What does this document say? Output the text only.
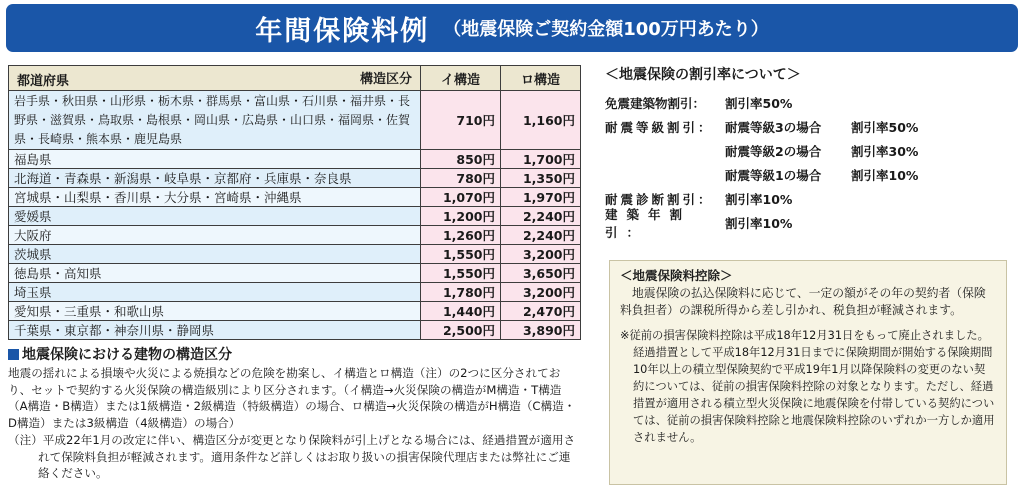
年間保険料例 （地震保険ご契約金額100万円あたり）
都道府県 構造区分	イ構造	ロ構造
岩手県・秋田県・山形県・栃木県・群馬県・富山県・石川県・福井県・長野県・滋賀県・鳥取県・島根県・岡山県・広島県・山口県・福岡県・佐賀県・長崎県・熊本県・鹿児島県	710円	1,160円
福島県	850円	1,700円
北海道・青森県・新潟県・岐阜県・京都府・兵庫県・奈良県	780円	1,350円
宮城県・山梨県・香川県・大分県・宮崎県・沖縄県	1,070円	1,970円
愛媛県	1,200円	2,240円
大阪府	1,260円	2,240円
茨城県	1,550円	3,200円
徳島県・高知県	1,550円	3,650円
埼玉県	1,780円	3,200円
愛知県・三重県・和歌山県	1,440円	2,470円
千葉県・東京都・神奈川県・静岡県	2,500円	3,890円
地震保険における建物の構造区分
地震の揺れによる損壊や火災による焼損などの危険を勘案し、イ構造とロ構造（注）の2つに区分されており、セットで契約する火災保険の構造級別により区分されます。（イ構造→火災保険の構造がM構造・T構造（A構造・B構造）または1級構造・2級構造（特級構造）の場合、ロ構造→火災保険の構造がH構造（C構造・D構造）または3級構造（4級構造）の場合）
（注）平成22年1月の改定に伴い、構造区分が変更となり保険料が引上げとなる場合には、経過措置が適用されて保険料負担が軽減されます。適用条件など詳しくはお取り扱いの損害保険代理店または弊社にご連絡ください。
＜地震保険の割引率について＞
免震建築物割引：	割引率50%
耐震等級割引： 耐震等級3の場合 割引率50%
耐震等級2の場合	割引率30%
耐震等級1の場合	割引率10%
耐震診断割引： 割引率10%
建築年割引：
割引率10%
＜地震保険料控除＞
地震保険の払込保険料に応じて、一定の額がその年の契約者（保険料負担者）の課税所得から差し引かれ、税負担が軽減されます。
※従前の損害保険料控除は平成18年12月31日をもって廃止されました。経過措置として平成18年12月31日までに保険期間が開始する保険期間10年以上の積立型保険契約で平成19年1月以降保険料の変更のない契約については、従前の損害保険料控除の対象となります。ただし、経過措置が適用される積立型火災保険に地震保険を付帯している契約については、従前の損害保険料控除と地震保険料控除のいずれか一方しか適用されません。
